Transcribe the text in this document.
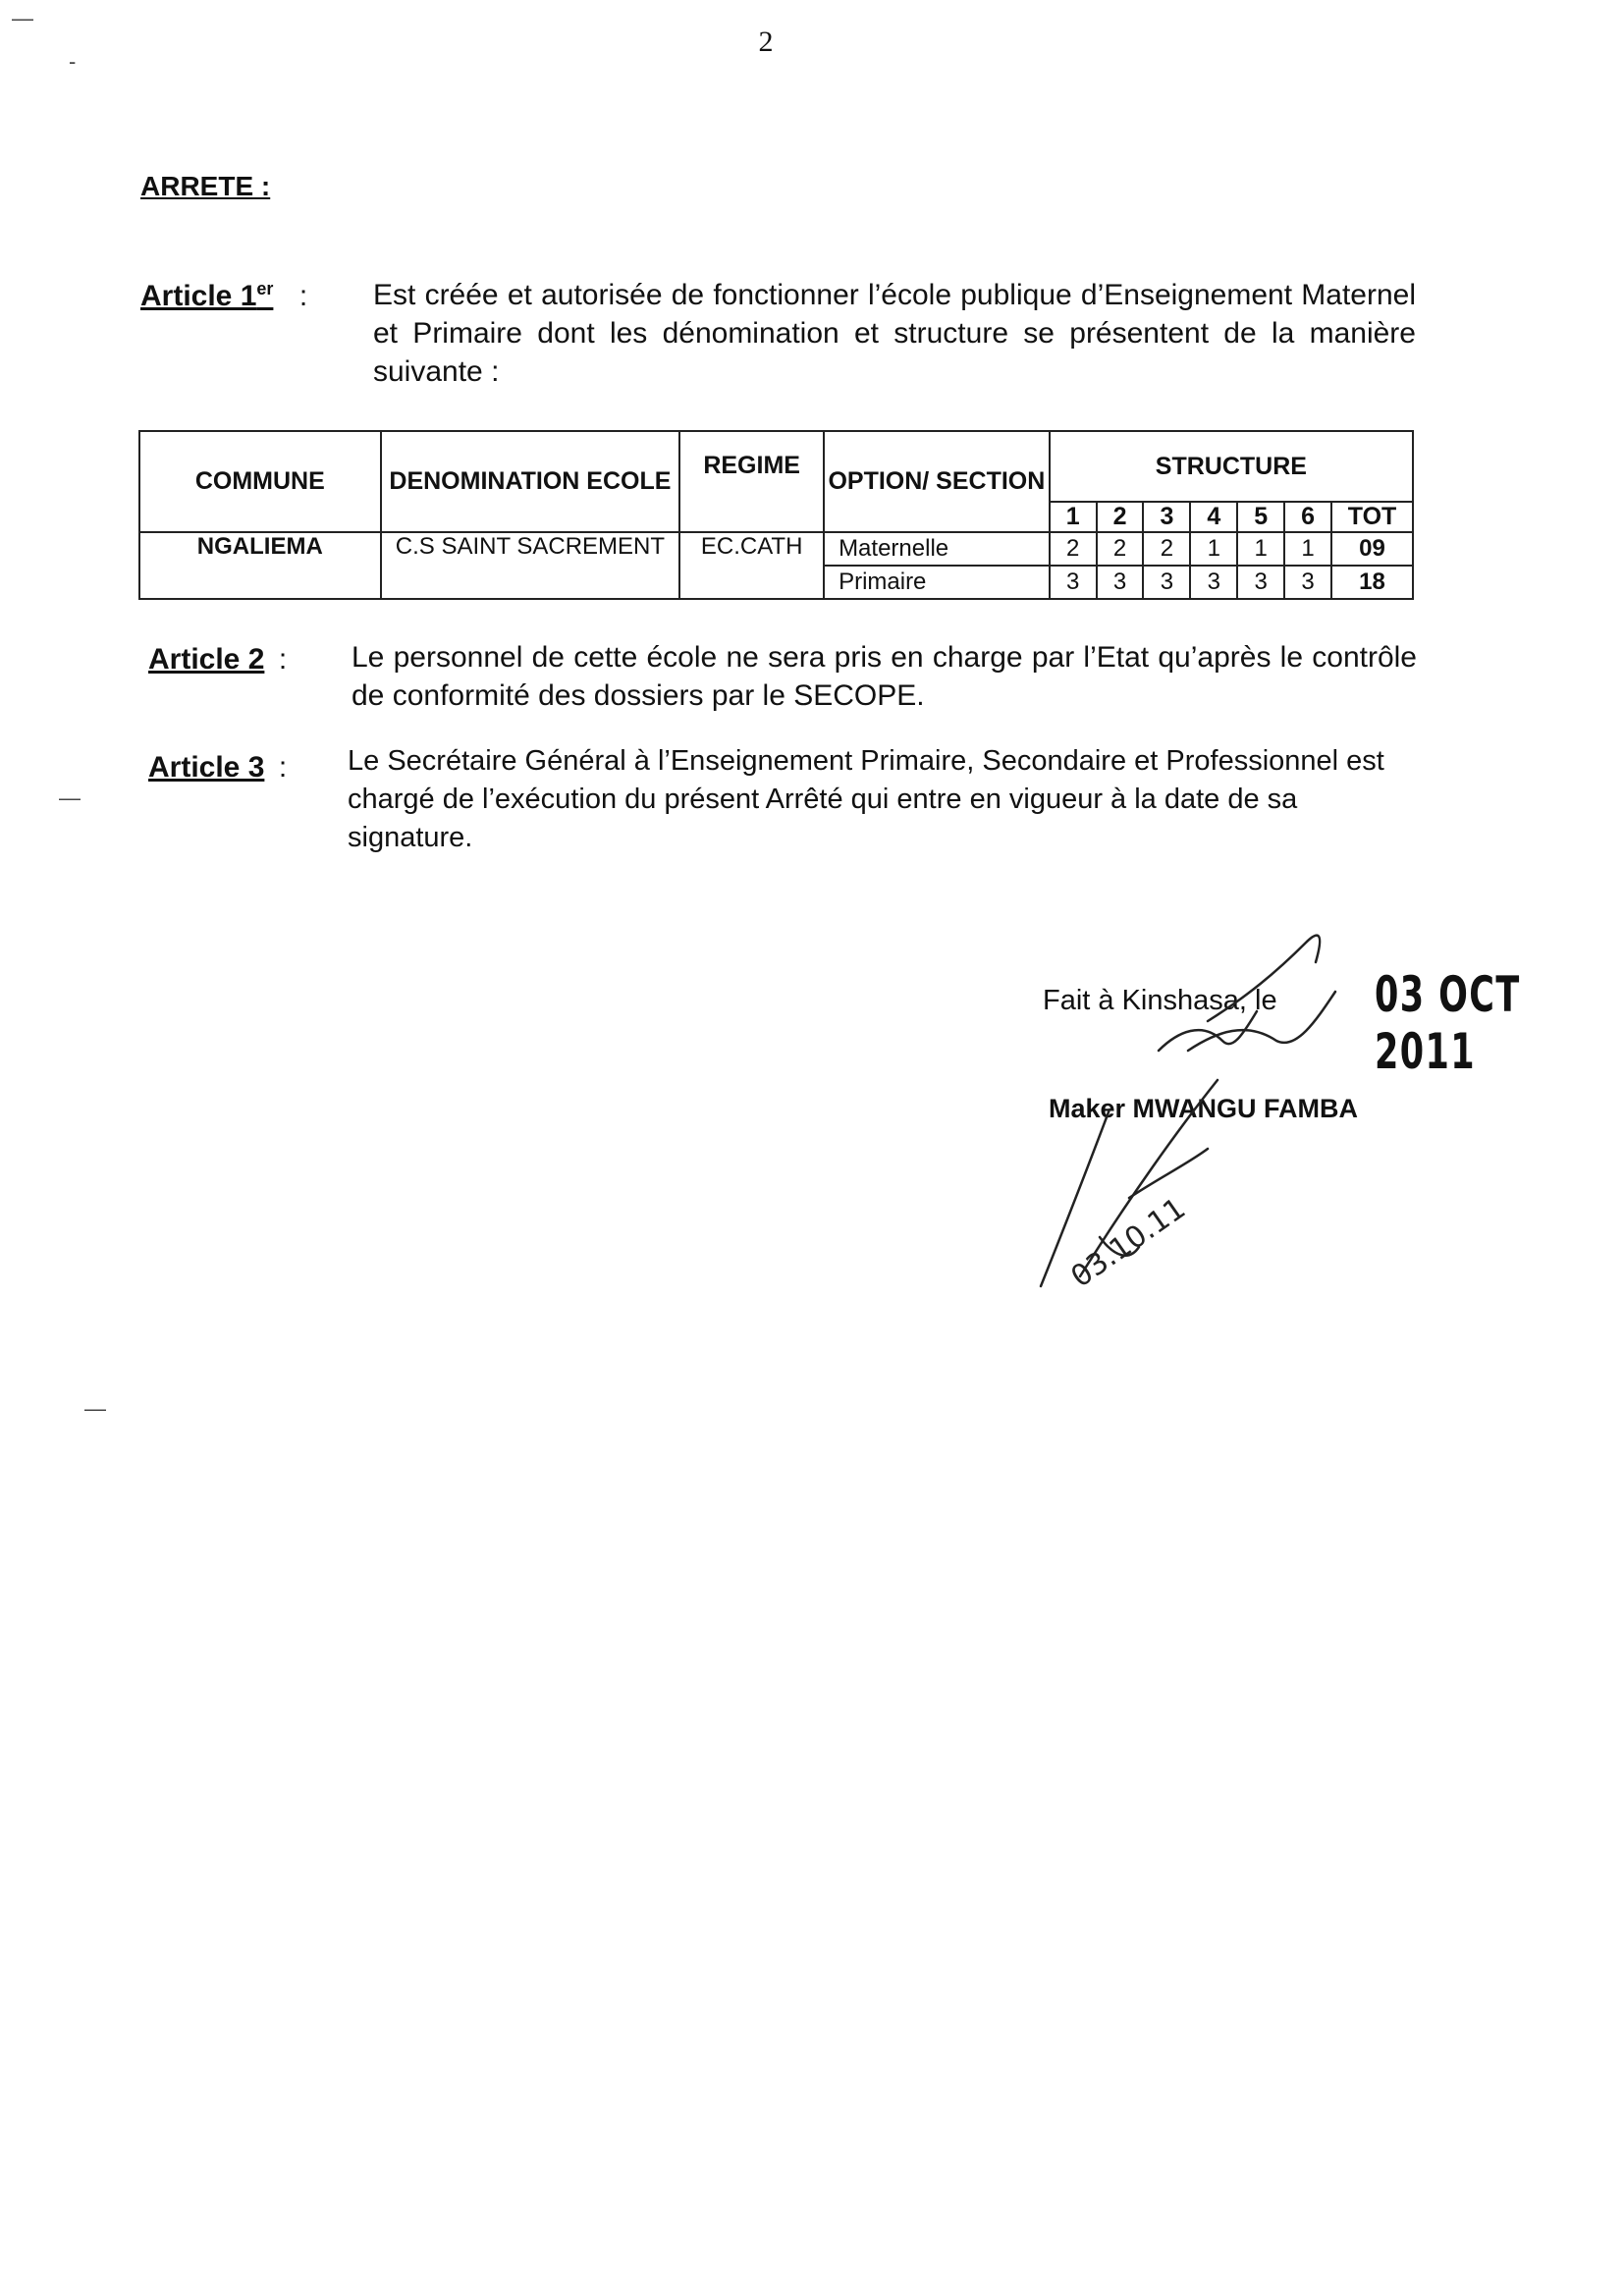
2
ARRETE :
Article 1er : Est créée et autorisée de fonctionner l’école publique d’Enseignement Maternel et Primaire dont les dénomination et structure se présentent de la manière suivante :
COMMUNE	DENOMINATION ECOLE	REGIME	OPTION/ SECTION	STRUCTURE						
				1	2	3	4	5	6	TOT
NGALIEMA	C.S SAINT SACREMENT	EC.CATH	Maternelle	2	2	2	1	1	1	09
			Primaire	3	3	3	3	3	3	18
Article 2 : Le personnel de cette école ne sera pris en charge par l’Etat qu’après le contrôle de conformité des dossiers par le SECOPE.
Article 3 : Le Secrétaire Général à l’Enseignement Primaire, Secondaire et Professionnel est chargé de l’exécution du présent Arrêté qui entre en vigueur à la date de sa signature.
Fait à Kinshasa, le 03 OCT 2011
Maker MWANGU FAMBA
03.10.11
—
-
—
—
